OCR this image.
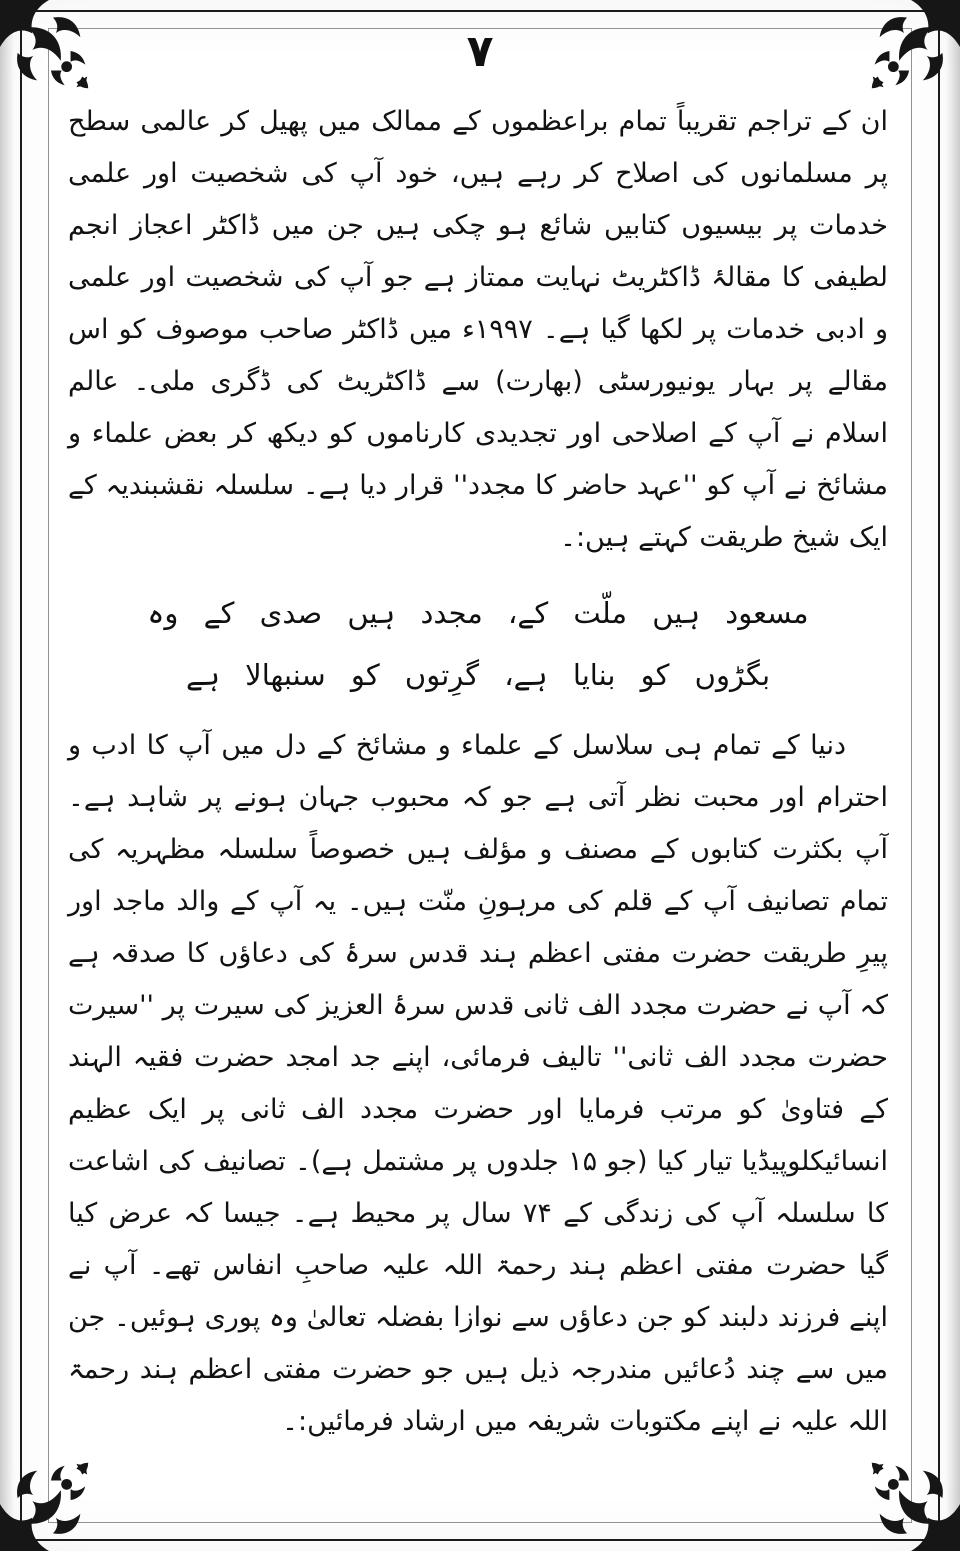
۷

ان کے تراجم تقریباً تمام براعظموں کے ممالک میں پھیل کر عالمی سطح پر مسلمانوں کی اصلاح کر رہے ہیں، خود آپ کی شخصیت اور علمی خدمات پر بیسیوں کتابیں شائع ہو چکی ہیں جن میں ڈاکٹر اعجاز انجم لطیفی کا مقالۂ ڈاکٹریٹ نہایت ممتاز ہے جو آپ کی شخصیت اور علمی و ادبی خدمات پر لکھا گیا ہے۔ ۱۹۹۷ء میں ڈاکٹر صاحب موصوف کو اس مقالے پر بہار یونیورسٹی (بھارت) سے ڈاکٹریٹ کی ڈگری ملی۔ عالم اسلام نے آپ کے اصلاحی اور تجدیدی کارناموں کو دیکھ کر بعض علماء و مشائخ نے آپ کو ''عہد حاضر کا مجدد'' قرار دیا ہے۔ سلسلہ نقشبندیہ کے ایک شیخ طریقت کہتے ہیں:۔

مسعود ہیں ملّت کے، مجدد ہیں صدی کے وہ
بگڑوں کو بنایا ہے، گرِتوں کو سنبھالا ہے

دنیا کے تمام ہی سلاسل کے علماء و مشائخ کے دل میں آپ کا ادب و احترام اور محبت نظر آتی ہے جو کہ محبوب جہان ہونے پر شاہد ہے۔ آپ بکثرت کتابوں کے مصنف و مؤلف ہیں خصوصاً سلسلہ مظہریہ کی تمام تصانیف آپ کے قلم کی مرہونِ منّت ہیں۔ یہ آپ کے والد ماجد اور پیرِ طریقت حضرت مفتی اعظم ہند قدس سرۂ کی دعاؤں کا صدقہ ہے کہ آپ نے حضرت مجدد الف ثانی قدس سرۂ العزیز کی سیرت پر ''سیرت حضرت مجدد الف ثانی'' تالیف فرمائی، اپنے جد امجد حضرت فقیہ الہند کے فتاویٰ کو مرتب فرمایا اور حضرت مجدد الف ثانی پر ایک عظیم انسائیکلوپیڈیا تیار کیا (جو ۱۵ جلدوں پر مشتمل ہے)۔ تصانیف کی اشاعت کا سلسلہ آپ کی زندگی کے ۷۴ سال پر محیط ہے۔ جیسا کہ عرض کیا گیا حضرت مفتی اعظم ہند رحمۃ اللہ علیہ صاحبِ انفاس تھے۔ آپ نے اپنے فرزند دلبند کو جن دعاؤں سے نوازا بفضلہ تعالیٰ وہ پوری ہوئیں۔ جن میں سے چند دُعائیں مندرجہ ذیل ہیں جو حضرت مفتی اعظم ہند رحمۃ اللہ علیہ نے اپنے مکتوبات شریفہ میں ارشاد فرمائیں:۔
